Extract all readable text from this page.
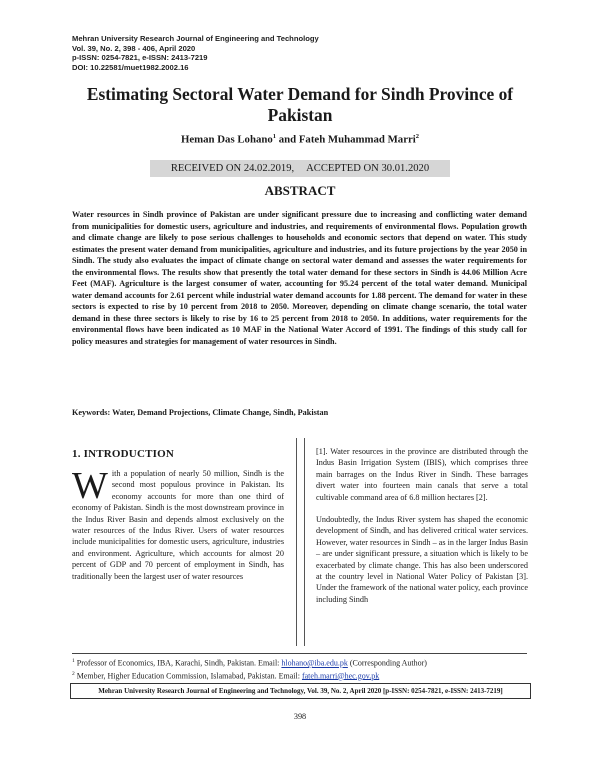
Mehran University Research Journal of Engineering and Technology
Vol. 39, No. 2, 398 - 406, April 2020
p-ISSN: 0254-7821, e-ISSN: 2413-7219
DOI: 10.22581/muet1982.2002.16
Estimating Sectoral Water Demand for Sindh Province of Pakistan
Heman Das Lohano$^1$ and Fateh Muhammad Marri$^2$
RECEIVED ON 24.02.2019, ACCEPTED ON 30.01.2020
ABSTRACT
Water resources in Sindh province of Pakistan are under significant pressure due to increasing and conflicting water demand from municipalities for domestic users, agriculture and industries, and requirements of environmental flows. Population growth and climate change are likely to pose serious challenges to households and economic sectors that depend on water. This study estimates the present water demand from municipalities, agriculture and industries, and its future projections by the year 2050 in Sindh. The study also evaluates the impact of climate change on sectoral water demand and assesses the water requirements for the environmental flows. The results show that presently the total water demand for these sectors in Sindh is 44.06 Million Acre Feet (MAF). Agriculture is the largest consumer of water, accounting for 95.24 percent of the total water demand. Municipal water demand accounts for 2.61 percent while industrial water demand accounts for 1.88 percent. The demand for water in these sectors is expected to rise by 10 percent from 2018 to 2050. Moreover, depending on climate change scenario, the total water demand in these three sectors is likely to rise by 16 to 25 percent from 2018 to 2050. In additions, water requirements for the environmental flows have been indicated as 10 MAF in the National Water Accord of 1991. The findings of this study call for policy measures and strategies for management of water resources in Sindh.
Keywords: Water, Demand Projections, Climate Change, Sindh, Pakistan
1. INTRODUCTION

With a population of nearly 50 million, Sindh is the second most populous province in Pakistan. Its economy accounts for more than one third of economy of Pakistan. Sindh is the most downstream province in the Indus River Basin and depends almost exclusively on the water resources of the Indus River. Users of water resources include municipalities for domestic users, agriculture, industries and environment. Agriculture, which accounts for almost 20 percent of GDP and 70 percent of employment in Sindh, has traditionally been the largest user of water resources

[1]. Water resources in the province are distributed through the Indus Basin Irrigation System (IBIS), which comprises three main barrages on the Indus River in Sindh. These barrages divert water into fourteen main canals that serve a total cultivable command area of 6.8 million hectares [2].

Undoubtedly, the Indus River system has shaped the economic development of Sindh, and has delivered critical water services. However, water resources in Sindh – as in the larger Indus Basin – are under significant pressure, a situation which is likely to be exacerbated by climate change. This has also been underscored at the country level in National Water Policy of Pakistan [3]. Under the framework of the national water policy, each province including Sindh

$^1$ Professor of Economics, IBA, Karachi, Sindh, Pakistan. Email: hlohano@iba.edu.pk (Corresponding Author)
$^2$ Member, Higher Education Commission, Islamabad, Pakistan. Email: fateh.marri@hec.gov.pk
Mehran University Research Journal of Engineering and Technology, Vol. 39, No. 2, April 2020 [p-ISSN: 0254-7821, e-ISSN: 2413-7219]
398
